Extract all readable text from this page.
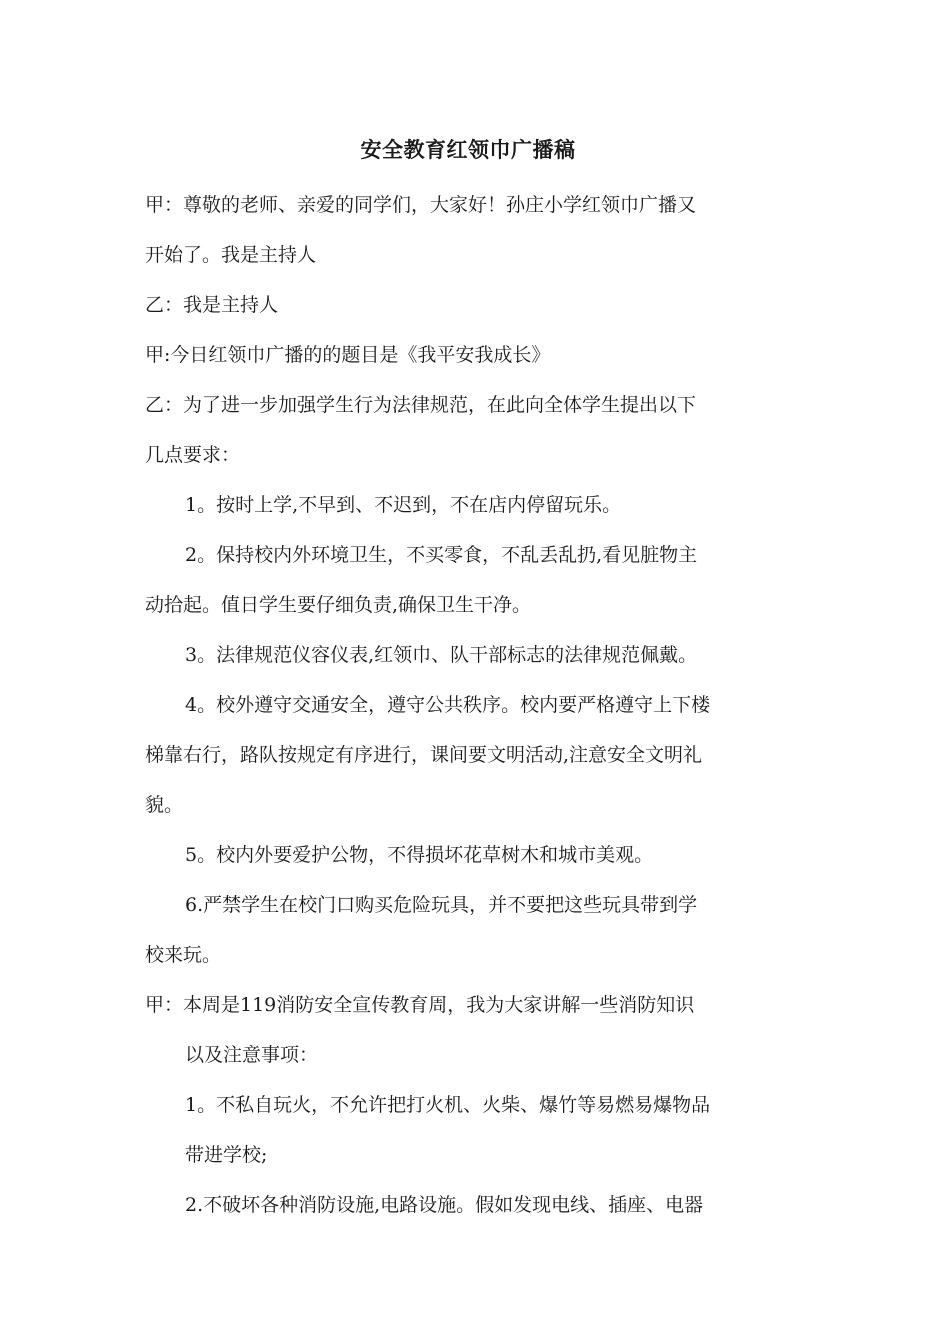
安全教育红领巾广播稿

甲：尊敬的老师、亲爱的同学们，大家好！孙庄小学红领巾广播又
开始了。我是主持人

乙：我是主持人

甲:今日红领巾广播的的题目是《我平安我成长》

乙：为了进一步加强学生行为法律规范，在此向全体学生提出以下
几点要求：

1。按时上学,不早到、不迟到，不在店内停留玩乐。

2。保持校内外环境卫生，不买零食，不乱丢乱扔,看见脏物主
动拾起。值日学生要仔细负责,确保卫生干净。

3。法律规范仪容仪表,红领巾、队干部标志的法律规范佩戴。

4。校外遵守交通安全，遵守公共秩序。校内要严格遵守上下楼
梯靠右行，路队按规定有序进行，课间要文明活动,注意安全文明礼
貌。

5。校内外要爱护公物，不得损坏花草树木和城市美观。

6.严禁学生在校门口购买危险玩具，并不要把这些玩具带到学
校来玩。

甲：本周是119消防安全宣传教育周，我为大家讲解一些消防知识
以及注意事项：

1。不私自玩火，不允许把打火机、火柴、爆竹等易燃易爆物品
带进学校;

2.不破坏各种消防设施,电路设施。假如发现电线、插座、电器
